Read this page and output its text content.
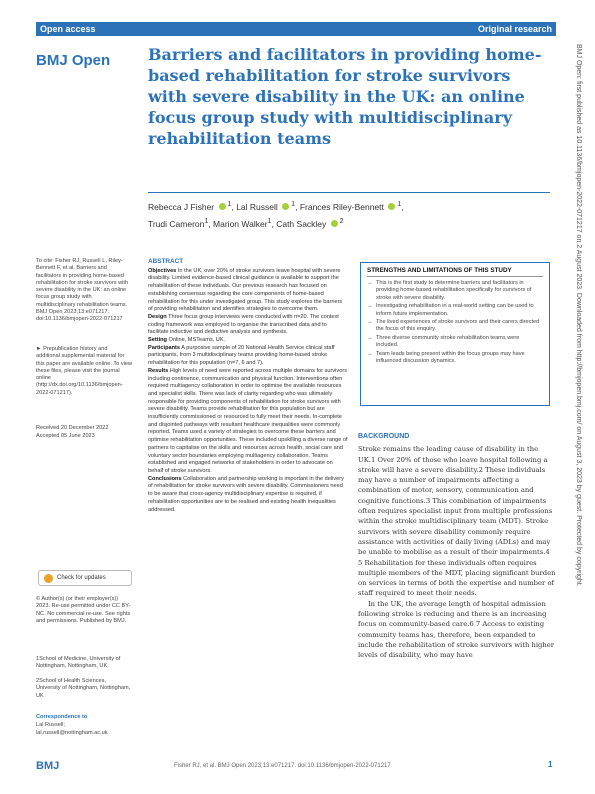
Open access	Original research
BMJ Open Barriers and facilitators in providing home-based rehabilitation for stroke survivors with severe disability in the UK: an online focus group study with multidisciplinary rehabilitation teams
Rebecca J Fisher $^1$, Lal Russell $^1$, Frances Riley-Bennett $^1$,
Trudi Cameron$^1$, Marion Walker$^1$, Cath Sackley $^2$
To cite: Fisher RJ, Russell L, Riley-Bennett F, et al. Barriers and facilitators in providing home-based rehabilitation for stroke survivors with severe disability in the UK: an online focus group study with multidisciplinary rehabilitation teams. BMJ Open 2023;13:e071217. doi:10.1136/bmjopen-2022-071217
► Prepublication history and additional supplemental material for this paper are available online. To view these files, please visit the journal online (http://dx.doi.org/10.1136/bmjopen-2022-071217).
Received 20 December 2022
Accepted 05 June 2023
Check for updates
© Author(s) (or their employer(s)) 2023. Re-use permitted under CC BY-NC. No commercial re-use. See rights and permissions. Published by BMJ.
1School of Medicine, University of Nottingham, Nottingham, UK
2School of Health Sciences, University of Nottingham, Nottingham, UK
Correspondence to
Lal Russell;
lal.russell@nottingham.ac.uk
ABSTRACT

Objectives In the UK, over 20% of stroke survivors leave hospital with severe disability. Limited evidence-based clinical guidance is available to support the rehabilitation of these individuals. Our previous research has focused on establishing consensus regarding the core components of home-based rehabilitation for this under investigated group. This study explores the barriers of providing rehabilitation and identifies strategies to overcome them.

Design Three focus group interviews were conducted with n=20. The context coding framework was employed to organise the transcribed data and to facilitate inductive and deductive analysis and synthesis.

Setting Online, MSTeams, UK.

Participants A purposive sample of 20 National Health Service clinical staff participants, from 3 multidisciplinary teams providing home-based stroke rehabilitation for this population (n=7, 6 and 7).

Results High levels of need were reported across multiple domains for survivors including continence, communication and physical function. Interventions often required multiagency collaboration in order to optimise the available resources and specialist skills. There was lack of clarity regarding who was ultimately responsible for providing components of rehabilitation for stroke survivors with severe disability. Teams provide rehabilitation for this population but are insufficiently commissioned or resourced to fully meet their needs. In-complete and disjointed pathways with resultant healthcare inequalities were commonly reported. Teams used a variety of strategies to overcome these barriers and optimise rehabilitation opportunities. These included upskilling a diverse range of partners to capitalise on the skills and resources across health, social care and voluntary sector boundaries employing multiagency collaboration. Teams established and engaged networks of stakeholders in order to advocate on behalf of stroke survivors.

Conclusions Collaboration and partnership working is important in the delivery of rehabilitation for stroke survivors with severe disability. Commissioners need to be aware that cross-agency multidisciplinary expertise is required, if rehabilitation opportunities are to be realised and existing health inequalities addressed.

STRENGTHS AND LIMITATIONS OF THIS STUDY
→ This is the first study to determine barriers and facilitators in providing home-based rehabilitation specifically for survivors of stroke with severe disability.
→ Investigating rehabilitation in a real-world setting can be used to inform future implementation.
→ The lived experiences of stroke survivors and their carers directed the focus of this enquiry.
→ Three diverse community stroke rehabilitation teams were included.
→ Team leads being present within the focus groups may have influenced discussion dynamics.
BACKGROUND

Stroke remains the leading cause of disability in the UK.1 Over 20% of those who leave hospital following a stroke will have a severe disability.2 These individuals may have a number of impairments affecting a combination of motor, sensory, communication and cognitive functions.3 This combination of impairments often requires specialist input from multiple professions within the stroke multidisciplinary team (MDT). Stroke survivors with severe disability commonly require assistance with activities of daily living (ADLs) and may be unable to mobilise as a result of their impairments.4 5 Rehabilitation for these individuals often requires multiple members of the MDT, placing significant burden on services in terms of both the expertise and number of staff required to meet their needs.

In the UK, the average length of hospital admission following stroke is reducing and there is an increasing focus on community-based care.6 7 Access to existing community teams has, therefore, been expanded to include the rehabilitation of stroke survivors with higher levels of disability, who may have

BMJ Open: first published as 10.1136/bmjopen-2022-071217 on 2 August 2023. Downloaded from http://bmjopen.bmj.com/ on August 3, 2023 by guest. Protected by copyright.
BMJ	Fisher RJ, et al. BMJ Open 2023;13:e071217. doi:10.1136/bmjopen-2022-071217	1
